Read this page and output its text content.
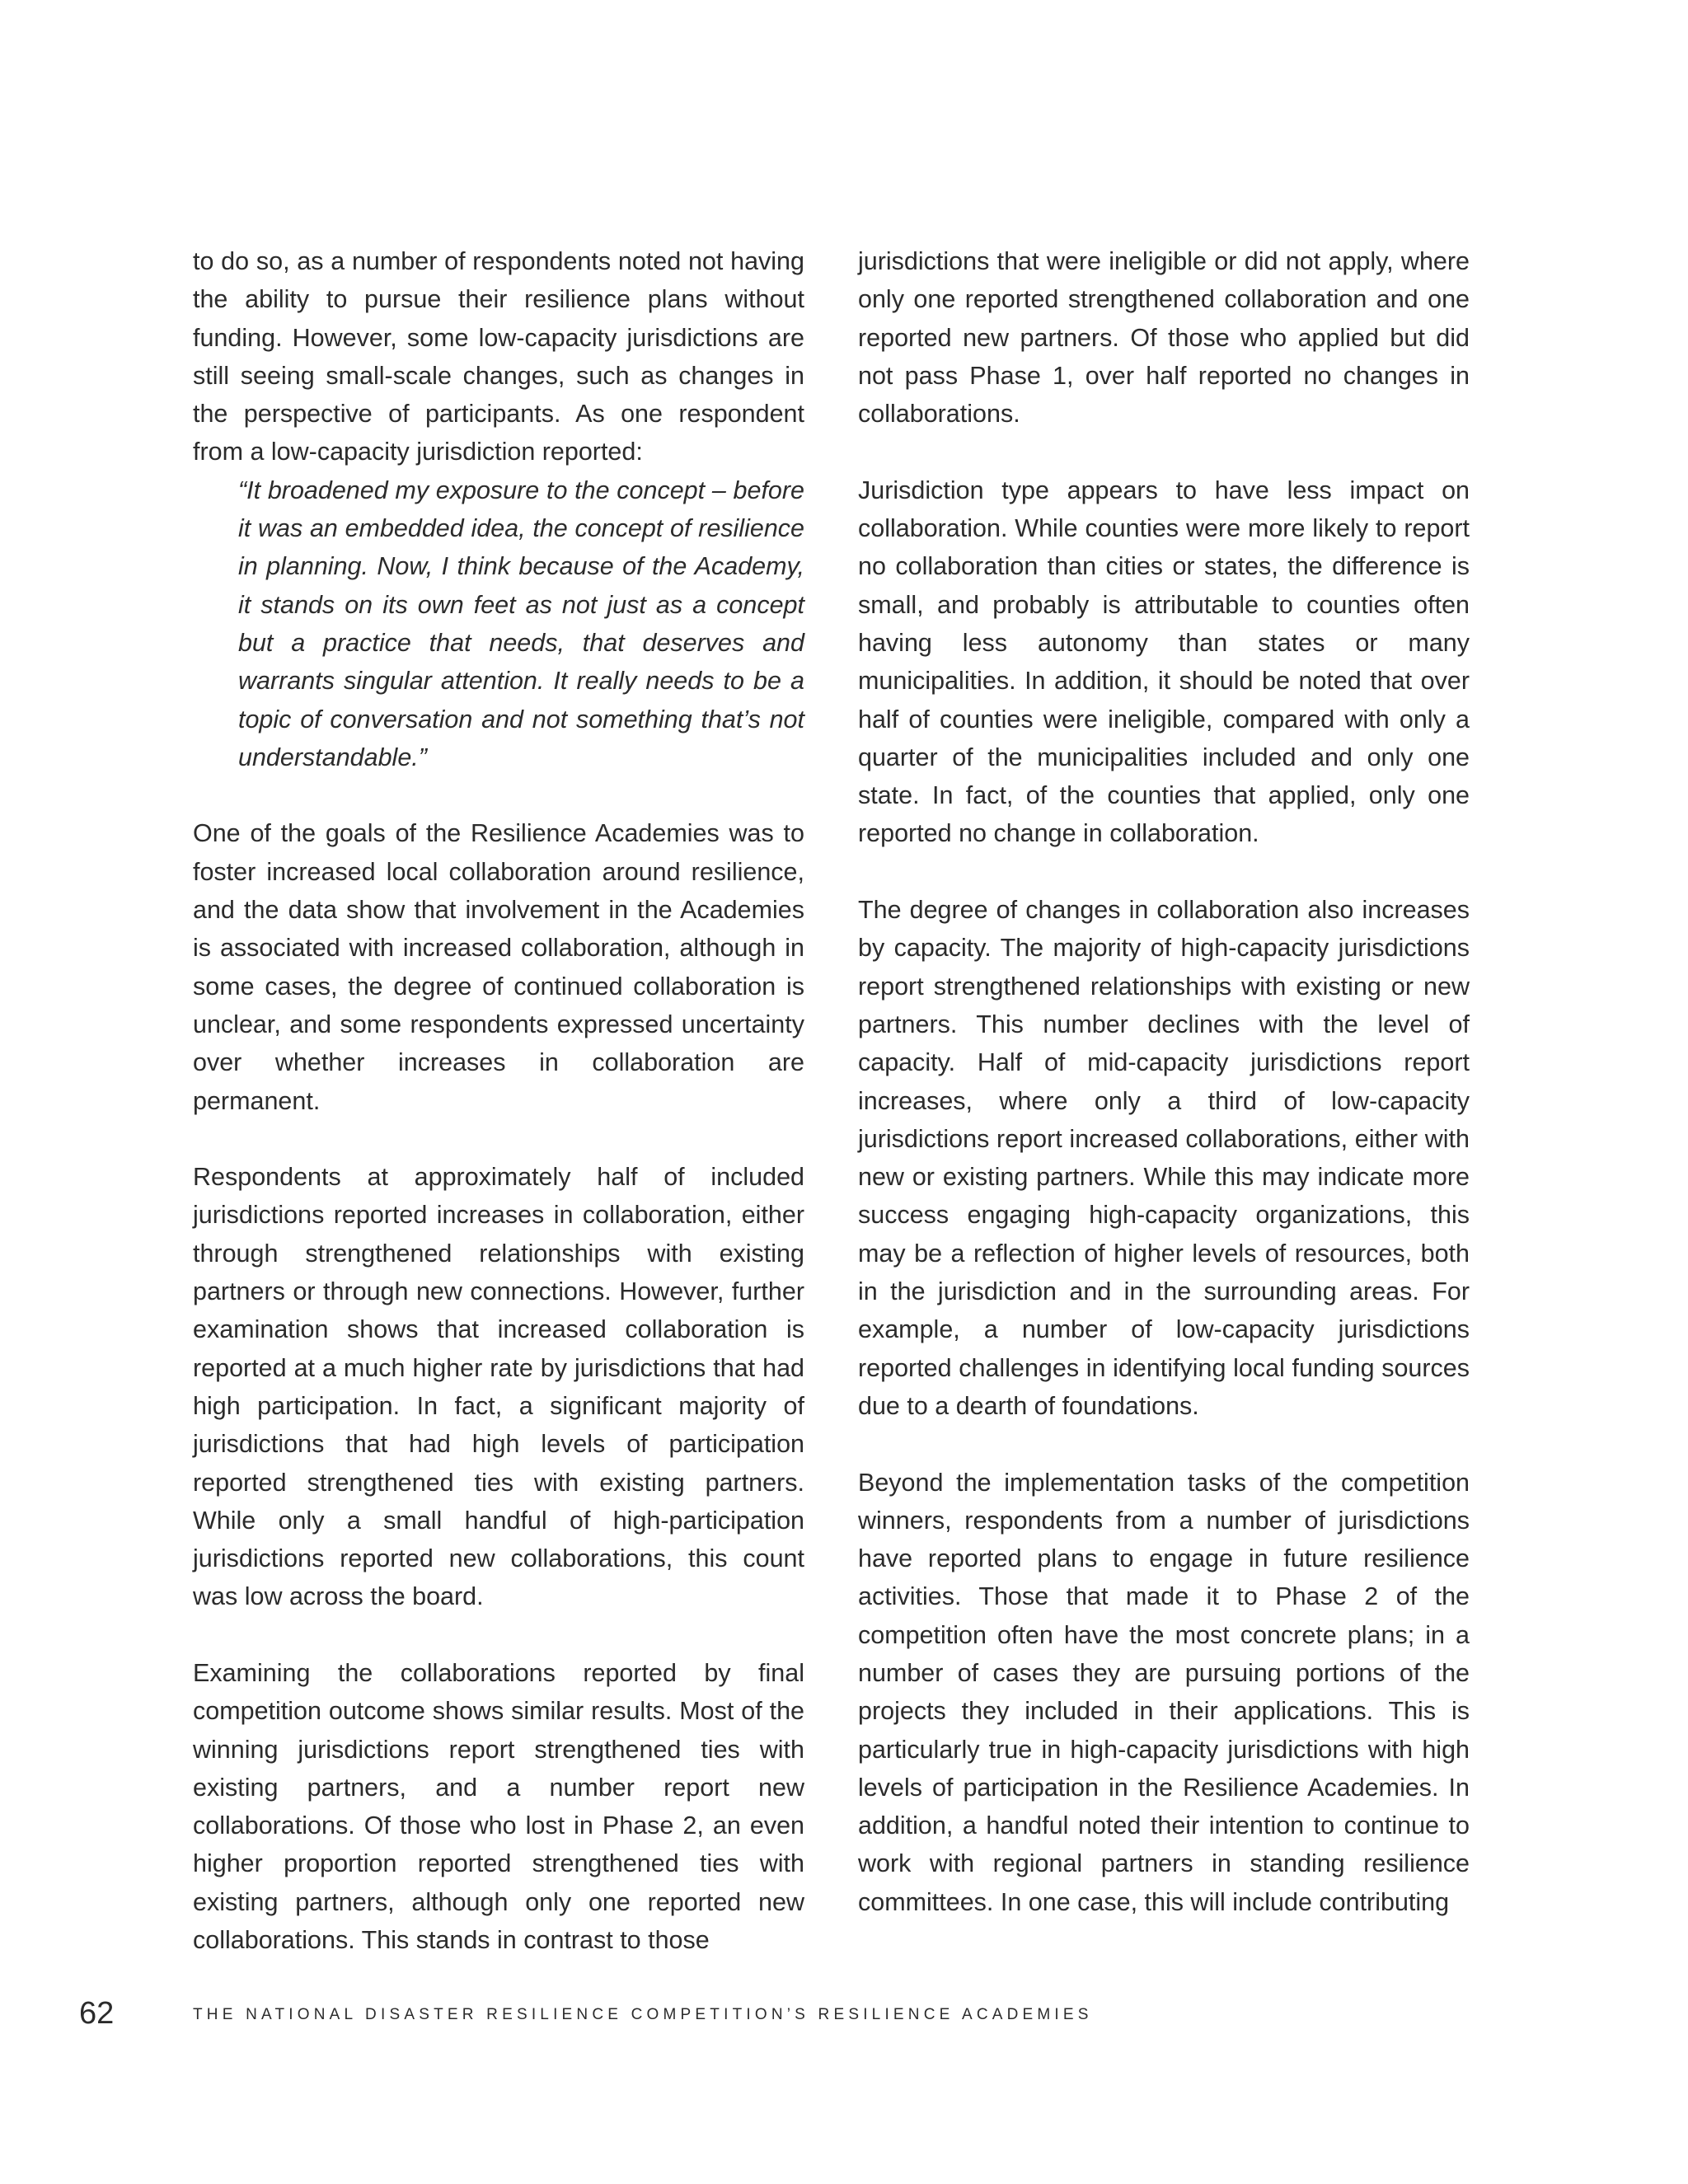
to do so, as a number of respondents noted not having the ability to pursue their resilience plans without funding. However, some low-capacity jurisdictions are still seeing small-scale changes, such as changes in the perspective of participants. As one respondent from a low-capacity jurisdiction reported:

“It broadened my exposure to the concept – before it was an embedded idea, the concept of resilience in planning. Now, I think because of the Academy, it stands on its own feet as not just as a concept but a practice that needs, that deserves and warrants singular attention. It really needs to be a topic of conversation and not something that’s not understandable.”

One of the goals of the Resilience Academies was to foster increased local collaboration around resilience, and the data show that involvement in the Academies is associated with increased collaboration, although in some cases, the degree of continued collaboration is unclear, and some respondents expressed uncertainty over whether increases in collaboration are permanent.

Respondents at approximately half of included jurisdictions reported increases in collaboration, either through strengthened relationships with existing partners or through new connections. However, further examination shows that increased collaboration is reported at a much higher rate by jurisdictions that had high participation. In fact, a significant majority of jurisdictions that had high levels of participation reported strengthened ties with existing partners. While only a small handful of high-participation jurisdictions reported new collaborations, this count was low across the board.

Examining the collaborations reported by final competition outcome shows similar results. Most of the winning jurisdictions report strengthened ties with existing partners, and a number report new collaborations. Of those who lost in Phase 2, an even higher proportion reported strengthened ties with existing partners, although only one reported new collaborations. This stands in contrast to those

jurisdictions that were ineligible or did not apply, where only one reported strengthened collaboration and one reported new partners. Of those who applied but did not pass Phase 1, over half reported no changes in collaborations.

Jurisdiction type appears to have less impact on collaboration. While counties were more likely to report no collaboration than cities or states, the difference is small, and probably is attributable to counties often having less autonomy than states or many municipalities. In addition, it should be noted that over half of counties were ineligible, compared with only a quarter of the municipalities included and only one state. In fact, of the counties that applied, only one reported no change in collaboration.

The degree of changes in collaboration also increases by capacity. The majority of high-capacity jurisdictions report strengthened relationships with existing or new partners. This number declines with the level of capacity. Half of mid-capacity jurisdictions report increases, where only a third of low-capacity jurisdictions report increased collaborations, either with new or existing partners. While this may indicate more success engaging high-capacity organizations, this may be a reflection of higher levels of resources, both in the jurisdiction and in the surrounding areas. For example, a number of low-capacity jurisdictions reported challenges in identifying local funding sources due to a dearth of foundations.

Beyond the implementation tasks of the competition winners, respondents from a number of jurisdictions have reported plans to engage in future resilience activities. Those that made it to Phase 2 of the competition often have the most concrete plans; in a number of cases they are pursuing portions of the projects they included in their applications. This is particularly true in high-capacity jurisdictions with high levels of participation in the Resilience Academies. In addition, a handful noted their intention to continue to work with regional partners in standing resilience committees. In one case, this will include contributing

62	THE NATIONAL DISASTER RESILIENCE COMPETITION’S RESILIENCE ACADEMIES
